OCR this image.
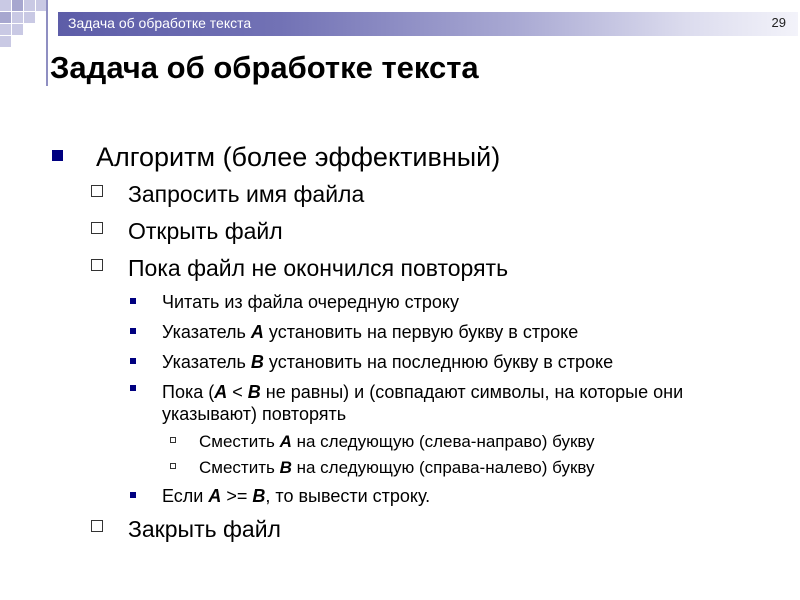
Задача об обработке текста	29
Задача об обработке текста
Алгоритм (более эффективный)
Запросить имя файла
Открыть файл
Пока файл не окончился повторять
Читать из файла очередную строку
Указатель A установить на первую букву в строке
Указатель B установить на последнюю букву в строке
Пока (A < B не равны) и (совпадают символы, на которые они указывают) повторять
Сместить A на следующую (слева-направо) букву
Сместить B на следующую (справа-налево) букву
Если A >= B, то вывести строку.
Закрыть файл
